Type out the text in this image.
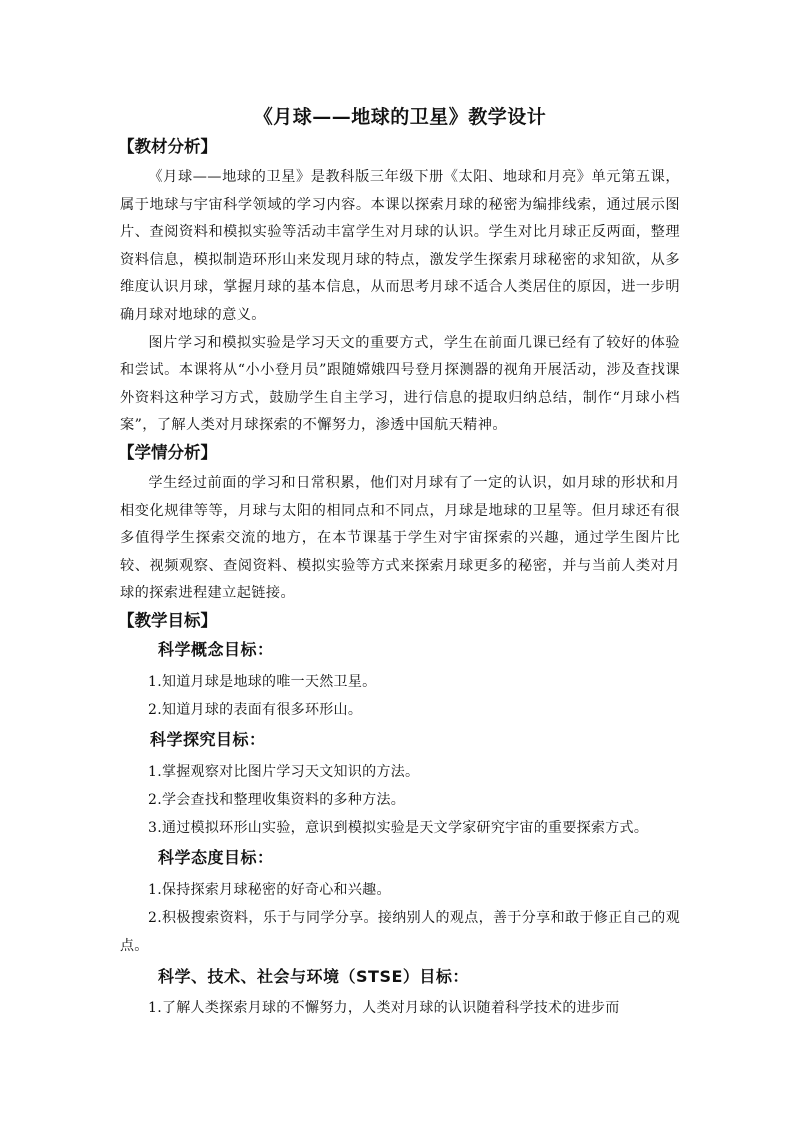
《月球——地球的卫星》教学设计
【教材分析】

《月球——地球的卫星》是教科版三年级下册《太阳、地球和月亮》单元第五课，属于地球与宇宙科学领域的学习内容。本课以探索月球的秘密为编排线索，通过展示图片、查阅资料和模拟实验等活动丰富学生对月球的认识。学生对比月球正反两面，整理资料信息，模拟制造环形山来发现月球的特点，激发学生探索月球秘密的求知欲，从多维度认识月球，掌握月球的基本信息，从而思考月球不适合人类居住的原因，进一步明确月球对地球的意义。

图片学习和模拟实验是学习天文的重要方式，学生在前面几课已经有了较好的体验和尝试。本课将从“小小登月员”跟随嫦娥四号登月探测器的视角开展活动，涉及查找课外资料这种学习方式，鼓励学生自主学习，进行信息的提取归纳总结，制作“月球小档案”，了解人类对月球探索的不懈努力，渗透中国航天精神。

【学情分析】

学生经过前面的学习和日常积累，他们对月球有了一定的认识，如月球的形状和月相变化规律等等，月球与太阳的相同点和不同点，月球是地球的卫星等。但月球还有很多值得学生探索交流的地方，在本节课基于学生对宇宙探索的兴趣，通过学生图片比较、视频观察、查阅资料、模拟实验等方式来探索月球更多的秘密，并与当前人类对月球的探索进程建立起链接。

【教学目标】
科学概念目标：

1.知道月球是地球的唯一天然卫星。

2.知道月球的表面有很多环形山。

科学探究目标：

1.掌握观察对比图片学习天文知识的方法。

2.学会查找和整理收集资料的多种方法。

3.通过模拟环形山实验，意识到模拟实验是天文学家研究宇宙的重要探索方式。

科学态度目标：

1.保持探索月球秘密的好奇心和兴趣。

2.积极搜索资料，乐于与同学分享。接纳别人的观点，善于分享和敢于修正自己的观点。

科学、技术、社会与环境（STSE）目标：

1.了解人类探索月球的不懈努力，人类对月球的认识随着科学技术的进步而
